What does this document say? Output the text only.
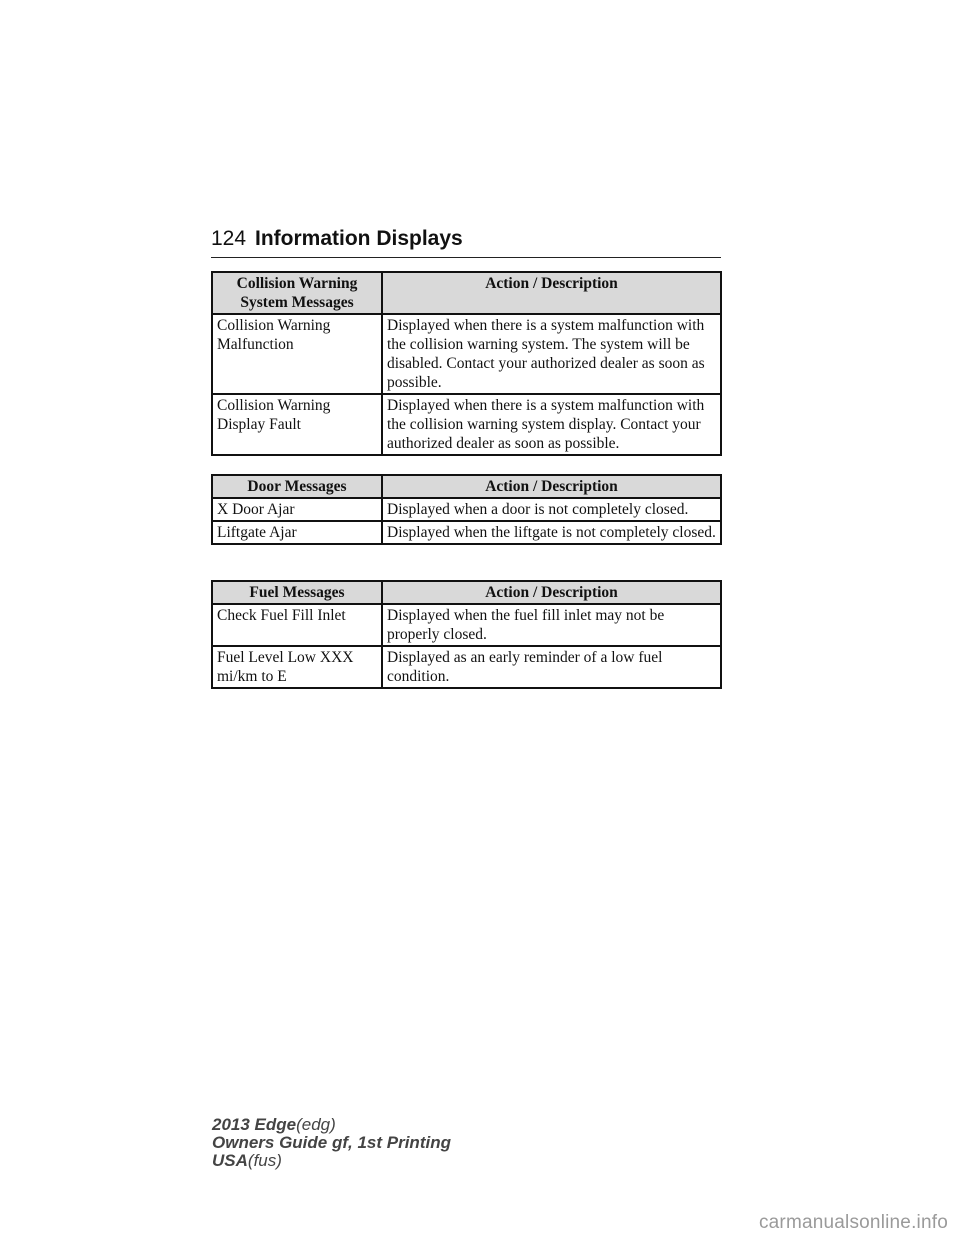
124 Information Displays
Collision Warning System Messages	Action / Description
Collision Warning Malfunction	Displayed when there is a system malfunction with the collision warning system. The system will be disabled. Contact your authorized dealer as soon as possible.
Collision Warning Display Fault	Displayed when there is a system malfunction with the collision warning system display. Contact your authorized dealer as soon as possible.
Door Messages	Action / Description
X Door Ajar	Displayed when a door is not completely closed.
Liftgate Ajar	Displayed when the liftgate is not completely closed.
Fuel Messages	Action / Description
Check Fuel Fill Inlet	Displayed when the fuel fill inlet may not be properly closed.
Fuel Level Low XXX mi/km to E	Displayed as an early reminder of a low fuel condition.
2013 Edge(edg)
Owners Guide gf, 1st Printing
USA(fus)
carmanualsonline.info
